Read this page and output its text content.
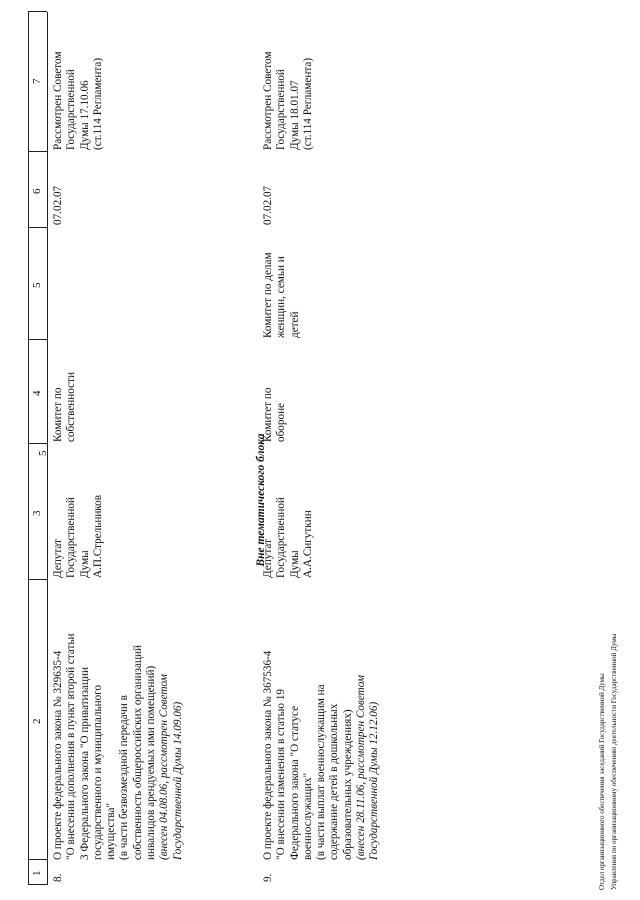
5
1
2
3
4
5
6
7
8.
О проекте федерального закона № 329635-4 "О внесении дополнения в пункт второй статьи 3 Федерального закона "О приватизации государственного и муниципального имущества" (в части безвозмездной передачи в собственность общероссийских организаций инвалидов арендуемых ими помещений) (внесен 04.08.06, рассмотрен Советом Государственной Думы 14.09.06)
Депутат Государственной Думы А.П.Стрельников
Комитет по собственности
07.02.07
Рассмотрен Советом Государственной Думы 17.10.06 (ст.114 Регламента)
Вне тематического блока
9.
О проекте федерального закона № 367536-4 "О внесении изменения в статью 19 Федерального закона "О статусе военнослужащих" (в части выплат военнослужащим на содержание детей в дошкольных образовательных учреждениях) (внесен 28.11.06, рассмотрен Советом Государственной Думы 12.12.06)
Депутат Государственной Думы А.А.Сигуткин
Комитет по обороне
Комитет по делам женщин, семьи и детей
07.02.07
Рассмотрен Советом Государственной Думы 18.01.07 (ст.114 Регламента)
Отдел организационного обеспечения заседаний Государственной Думы Управления по организационному обеспечению деятельности Государственной Думы
